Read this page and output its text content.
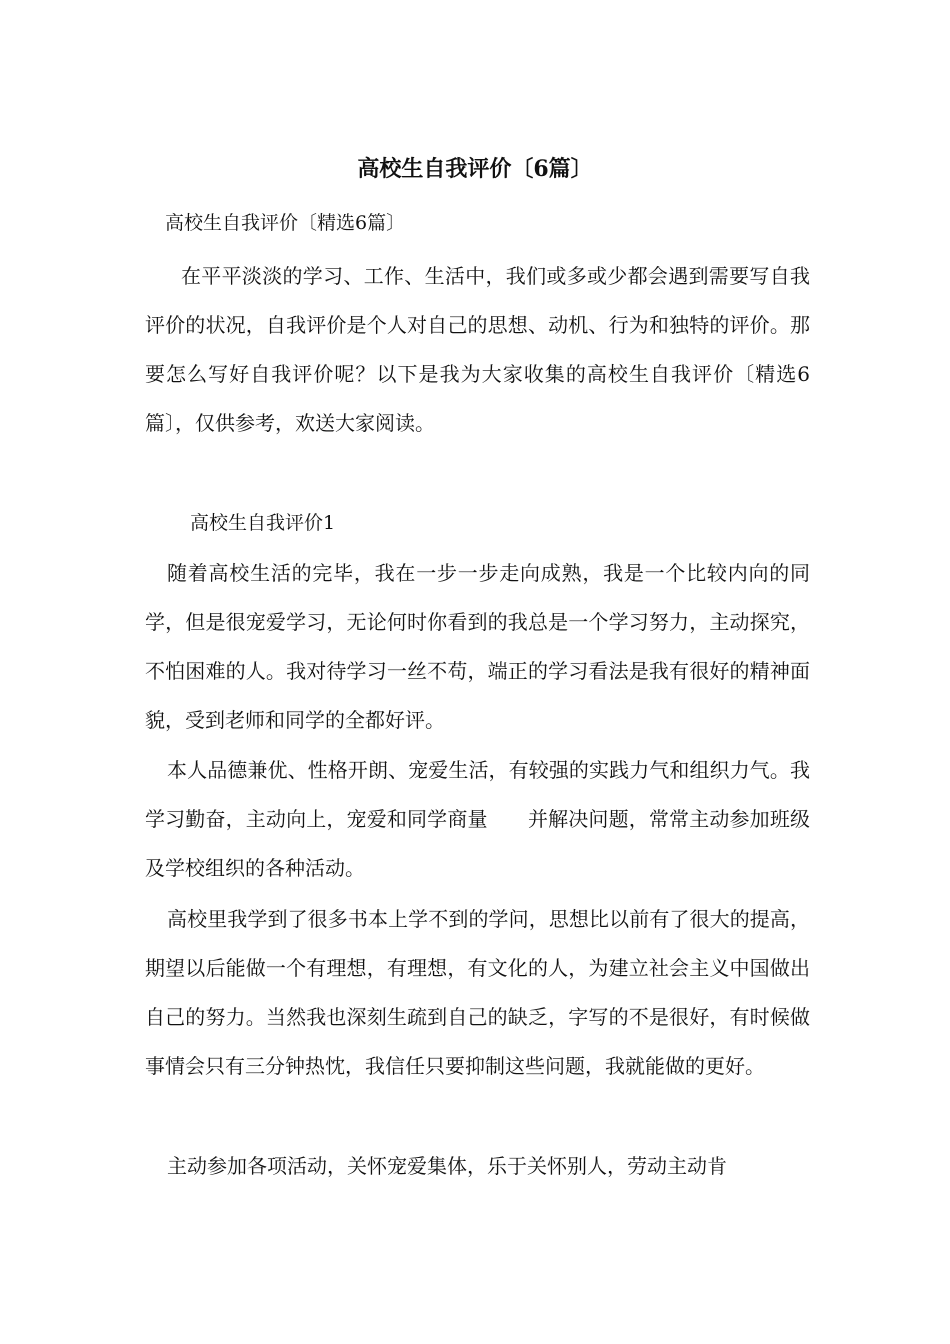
高校生自我评价〔6篇〕
高校生自我评价〔精选6篇〕
在平平淡淡的学习、工作、生活中，我们或多或少都会遇到需要写自我评价的状况，自我评价是个人对自己的思想、动机、行为和独特的评价。那要怎么写好自我评价呢？以下是我为大家收集的高校生自我评价〔精选6篇〕，仅供参考，欢送大家阅读。
高校生自我评价1
随着高校生活的完毕，我在一步一步走向成熟，我是一个比较内向的同学，但是很宠爱学习，无论何时你看到的我总是一个学习努力，主动探究，不怕困难的人。我对待学习一丝不苟，端正的学习看法是我有很好的精神面貌，受到老师和同学的全都好评。
本人品德兼优、性格开朗、宠爱生活，有较强的实践力气和组织力气。我学习勤奋，主动向上，宠爱和同学商量　　并解决问题，常常主动参加班级及学校组织的各种活动。
高校里我学到了很多书本上学不到的学问，思想比以前有了很大的提高，期望以后能做一个有理想，有理想，有文化的人，为建立社会主义中国做出自己的努力。当然我也深刻生疏到自己的缺乏，字写的不是很好，有时候做事情会只有三分钟热忱，我信任只要抑制这些问题，我就能做的更好。
主动参加各项活动，关怀宠爱集体，乐于关怀别人，劳动主动肯
